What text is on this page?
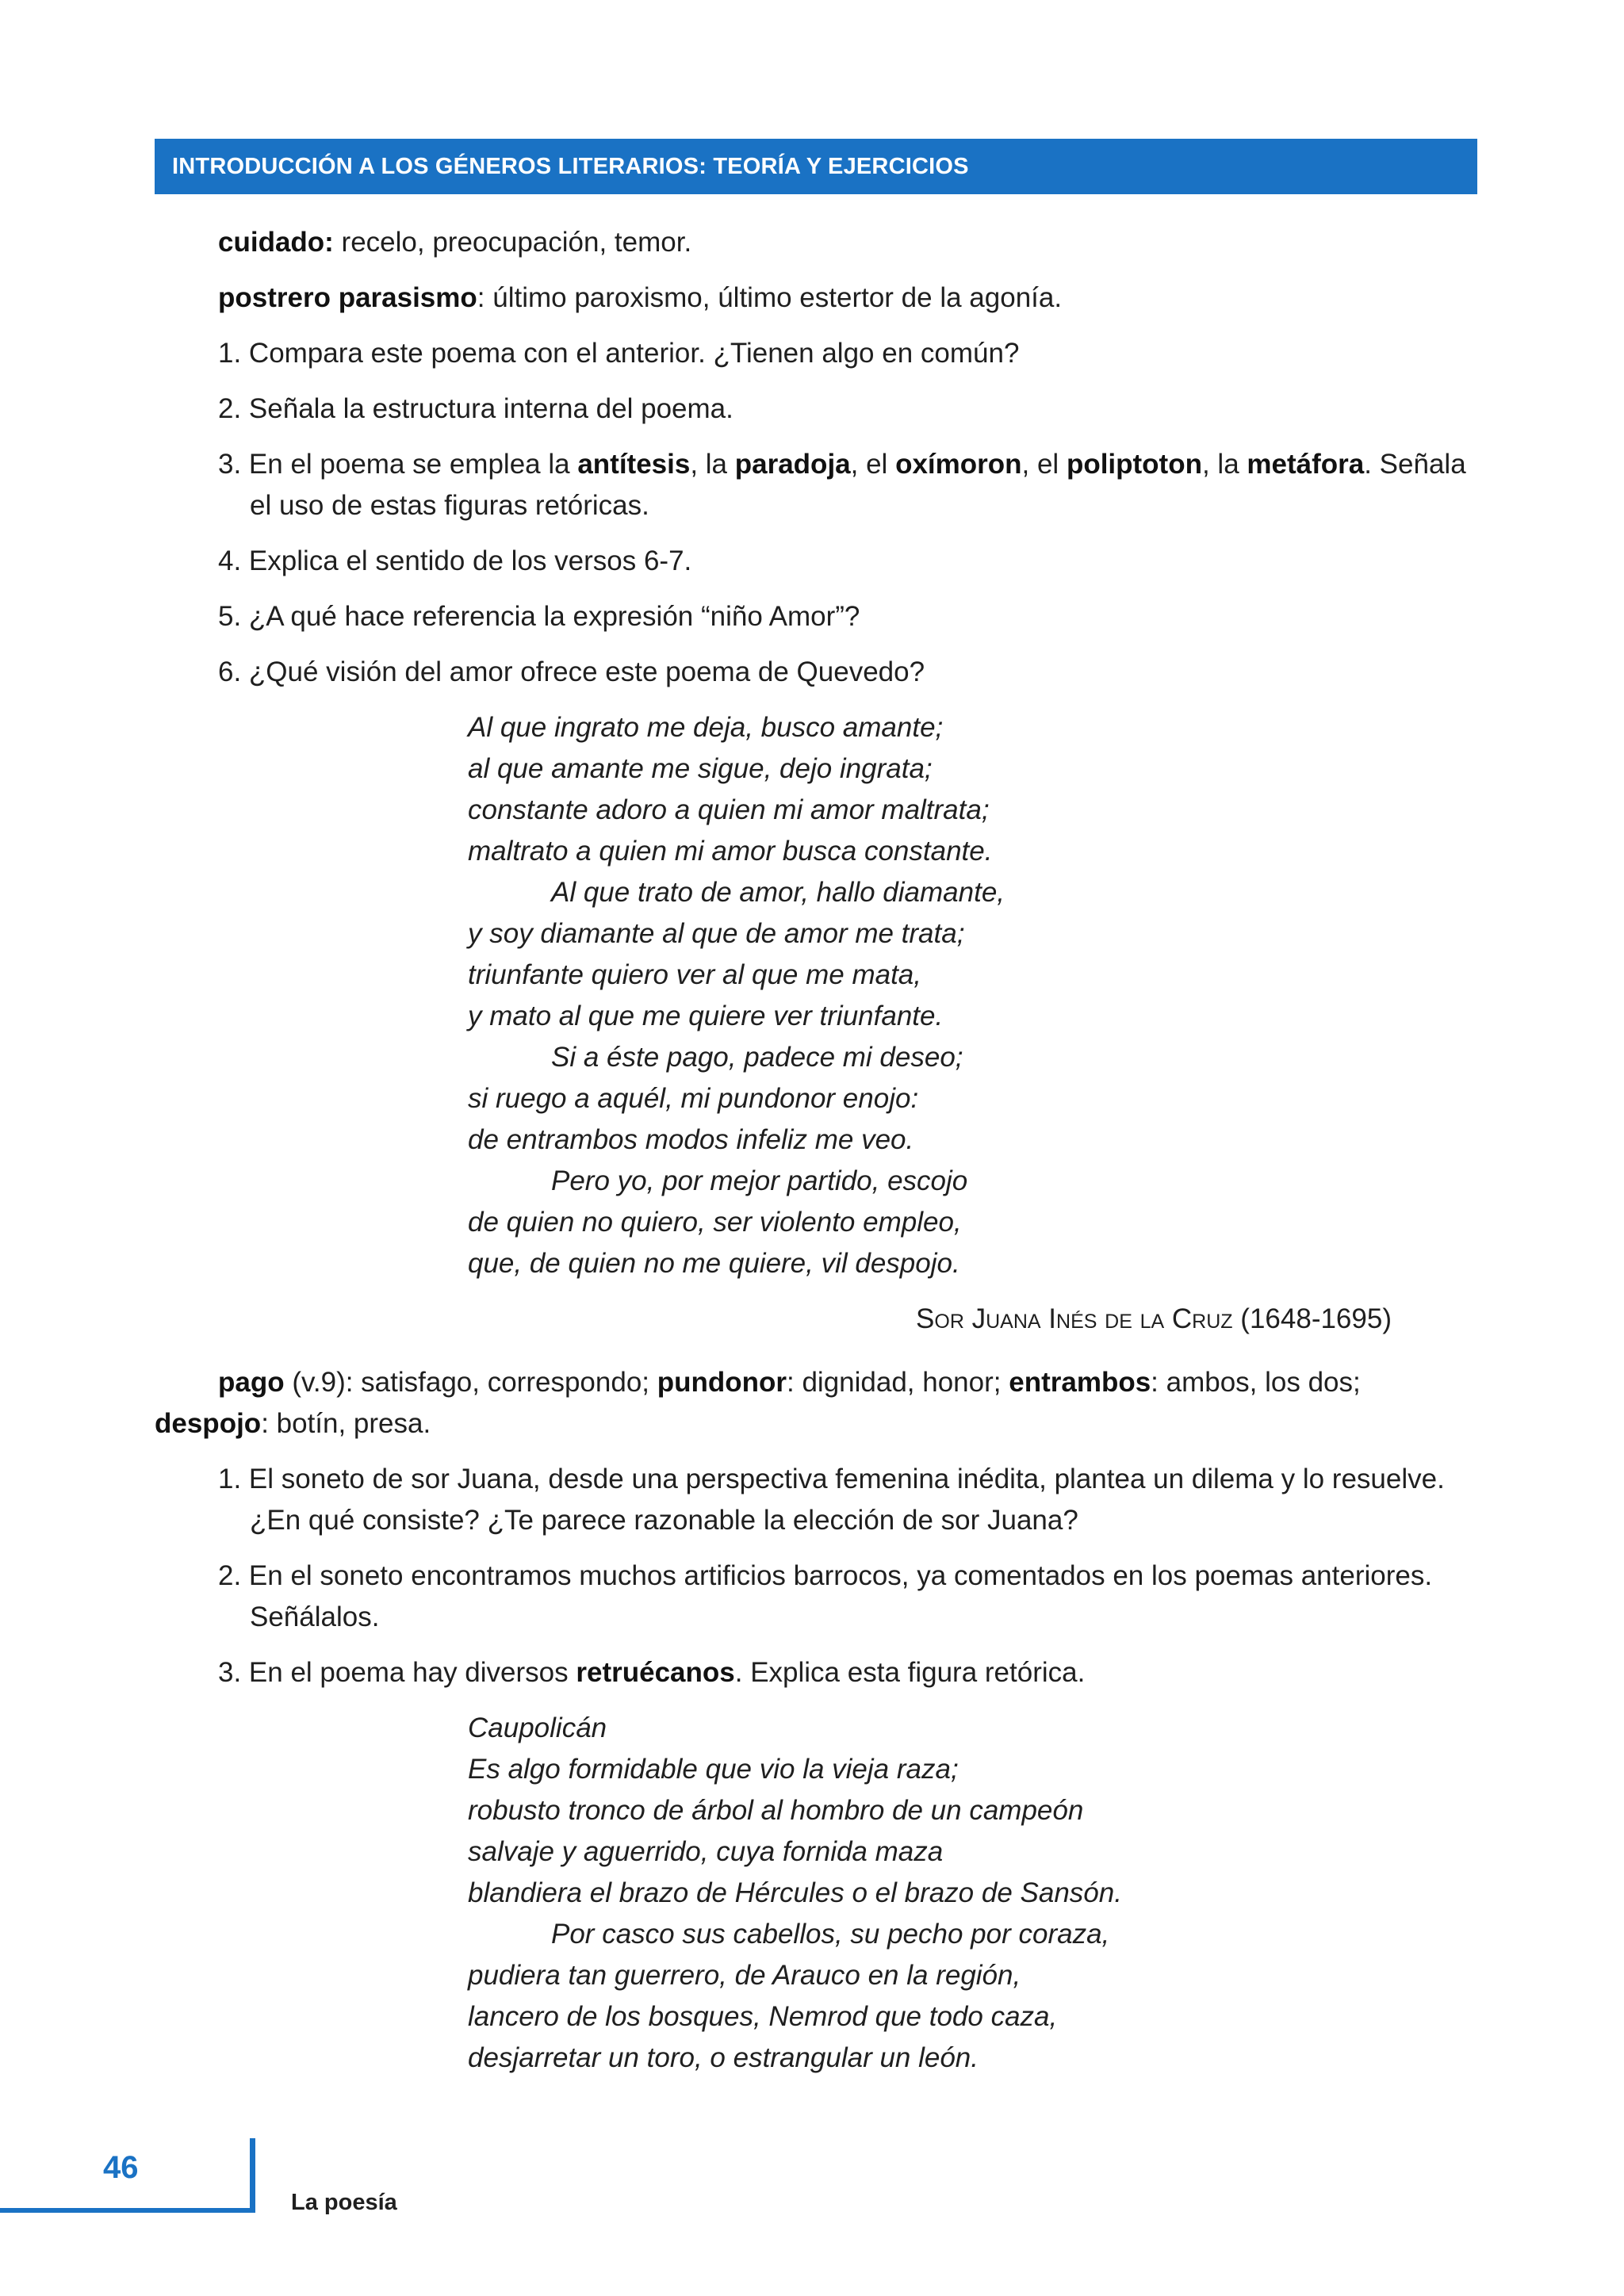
INTRODUCCIÓN A LOS GÉNEROS LITERARIOS: TEORÍA Y EJERCICIOS

cuidado: recelo, preocupación, temor.

postrero parasismo: último paroxismo, último estertor de la agonía.

1. Compara este poema con el anterior. ¿Tienen algo en común?

2. Señala la estructura interna del poema.

3. En el poema se emplea la antítesis, la paradoja, el oxímoron, el poliptoton, la metáfora. Señala el uso de estas figuras retóricas.

4. Explica el sentido de los versos 6-7.

5. ¿A qué hace referencia la expresión “niño Amor”?

6. ¿Qué visión del amor ofrece este poema de Quevedo?

Al que ingrato me deja, busco amante;
al que amante me sigue, dejo ingrata;
constante adoro a quien mi amor maltrata;
maltrato a quien mi amor busca constante.
Al que trato de amor, hallo diamante,
y soy diamante al que de amor me trata;
triunfante quiero ver al que me mata,
y mato al que me quiere ver triunfante.
Si a éste pago, padece mi deseo;
si ruego a aquél, mi pundonor enojo:
de entrambos modos infeliz me veo.
Pero yo, por mejor partido, escojo
de quien no quiero, ser violento empleo,
que, de quien no me quiere, vil despojo.

Sor Juana Inés de la Cruz (1648-1695)

pago (v.9): satisfago, correspondo; pundonor: dignidad, honor; entrambos: ambos, los dos; despojo: botín, presa.

1. El soneto de sor Juana, desde una perspectiva femenina inédita, plantea un dilema y lo resuelve. ¿En qué consiste? ¿Te parece razonable la elección de sor Juana?

2. En el soneto encontramos muchos artificios barrocos, ya comentados en los poemas anteriores. Señálalos.

3. En el poema hay diversos retruécanos. Explica esta figura retórica.

Caupolicán
Es algo formidable que vio la vieja raza;
robusto tronco de árbol al hombro de un campeón
salvaje y aguerrido, cuya fornida maza
blandiera el brazo de Hércules o el brazo de Sansón.
Por casco sus cabellos, su pecho por coraza,
pudiera tan guerrero, de Arauco en la región,
lancero de los bosques, Nemrod que todo caza,
desjarretar un toro, o estrangular un león.
46
La poesía
